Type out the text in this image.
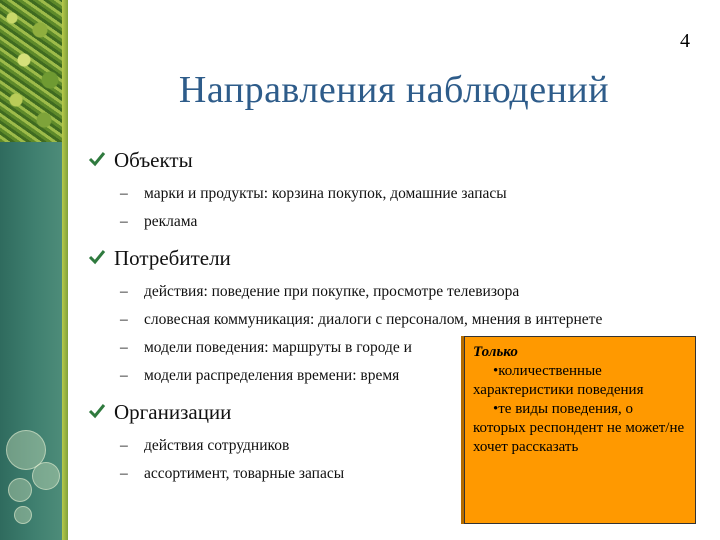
4
Направления наблюдений
Объекты
– марки и продукты: корзина покупок, домашние запасы
– реклама
Потребители
– действия: поведение при покупке, просмотре телевизора
– словесная коммуникация: диалоги с персоналом, мнения в интернете
– модели поведения: маршруты в городе и
– модели распределения времени: время
Организации
– действия сотрудников
– ассортимент, товарные запасы
Только
•количественные характеристики поведения
•те виды поведения, о которых респондент не может/не хочет рассказать
